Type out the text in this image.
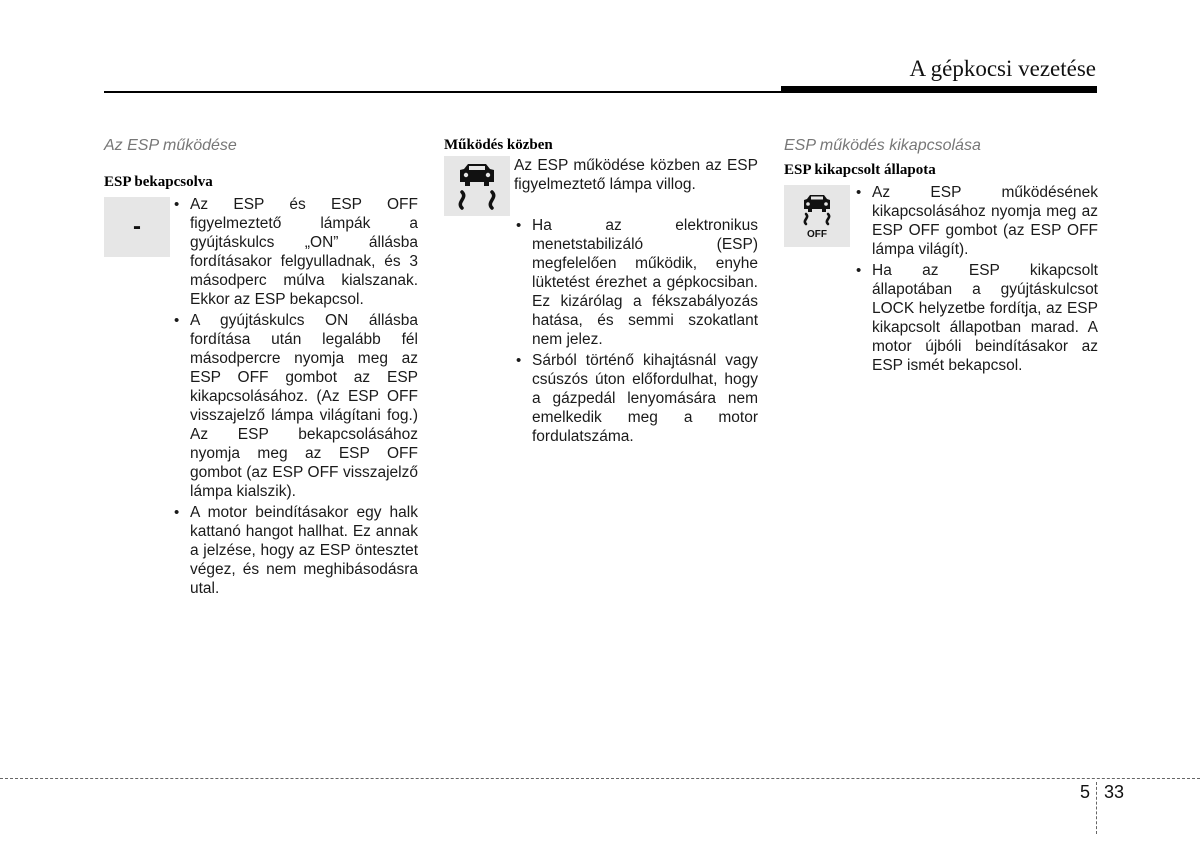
A gépkocsi vezetése
Az ESP működése
ESP bekapcsolva
-
• Az ESP és ESP OFF figyelmeztető lámpák a gyújtáskulcs „ON” állásba fordításakor felgyulladnak, és 3 másodperc múlva kialszanak. Ekkor az ESP bekapcsol.
• A gyújtáskulcs ON állásba fordítása után legalább fél másodpercre nyomja meg az ESP OFF gombot az ESP kikapcsolásához. (Az ESP OFF visszajelző lámpa világítani fog.) Az ESP bekapcsolásához nyomja meg az ESP OFF gombot (az ESP OFF visszajelző lámpa kialszik).
• A motor beindításakor egy halk kattanó hangot hallhat. Ez annak a jelzése, hogy az ESP öntesztet végez, és nem meghibásodásra utal.
Működés közben

Az ESP működése közben az ESP figyelmeztető lámpa villog.

• Ha az elektronikus menetstabilizáló (ESP) megfelelően működik, enyhe lüktetést érezhet a gépkocsiban. Ez kizárólag a fékszabályozás hatása, és semmi szokatlant nem jelez.
• Sárból történő kihajtásnál vagy csúszós úton előfordulhat, hogy a gázpedál lenyomására nem emelkedik meg a motor fordulatszáma.
ESP működés kikapcsolása
ESP kikapcsolt állapota
OFF
• Az ESP működésének kikapcsolásához nyomja meg az ESP OFF gombot (az ESP OFF lámpa világít).
• Ha az ESP kikapcsolt állapotában a gyújtáskulcsot LOCK helyzetbe fordítja, az ESP kikapcsolt állapotban marad. A motor újbóli beindításakor az ESP ismét bekapcsol.
5 33
